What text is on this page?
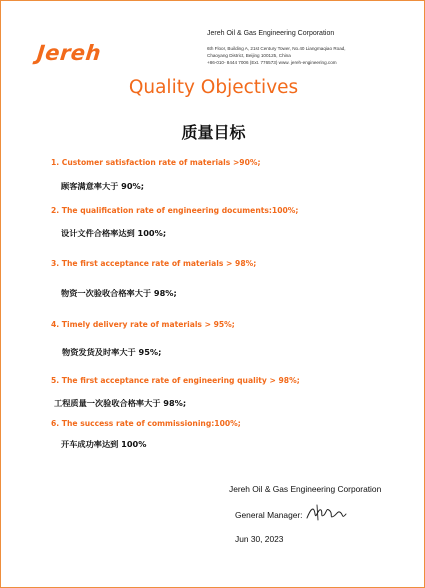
Jereh
Jereh Oil & Gas Engineering Corporation
6th Floor, Building A, 21st Century Tower, No.40 Liangmaqiao Road,
Chaoyang District, Beijing 100125, China
+86-010- 8444 7006 (Ext. 776573) www. jereh-engineering.com
Quality Objectives
质量目标
1. Customer satisfaction rate of materials >90%;
顾客满意率大于 90%;
2. The qualification rate of engineering documents:100%;
设计文件合格率达到 100%;
3. The first acceptance rate of materials > 98%;
物资一次验收合格率大于 98%;
4. Timely delivery rate of materials > 95%;
物资发货及时率大于 95%;
5. The first acceptance rate of engineering quality > 98%;
工程质量一次验收合格率大于 98%;
6. The success rate of commissioning:100%;
开车成功率达到 100%
Jereh Oil & Gas Engineering Corporation
General Manager:
Jun 30, 2023
